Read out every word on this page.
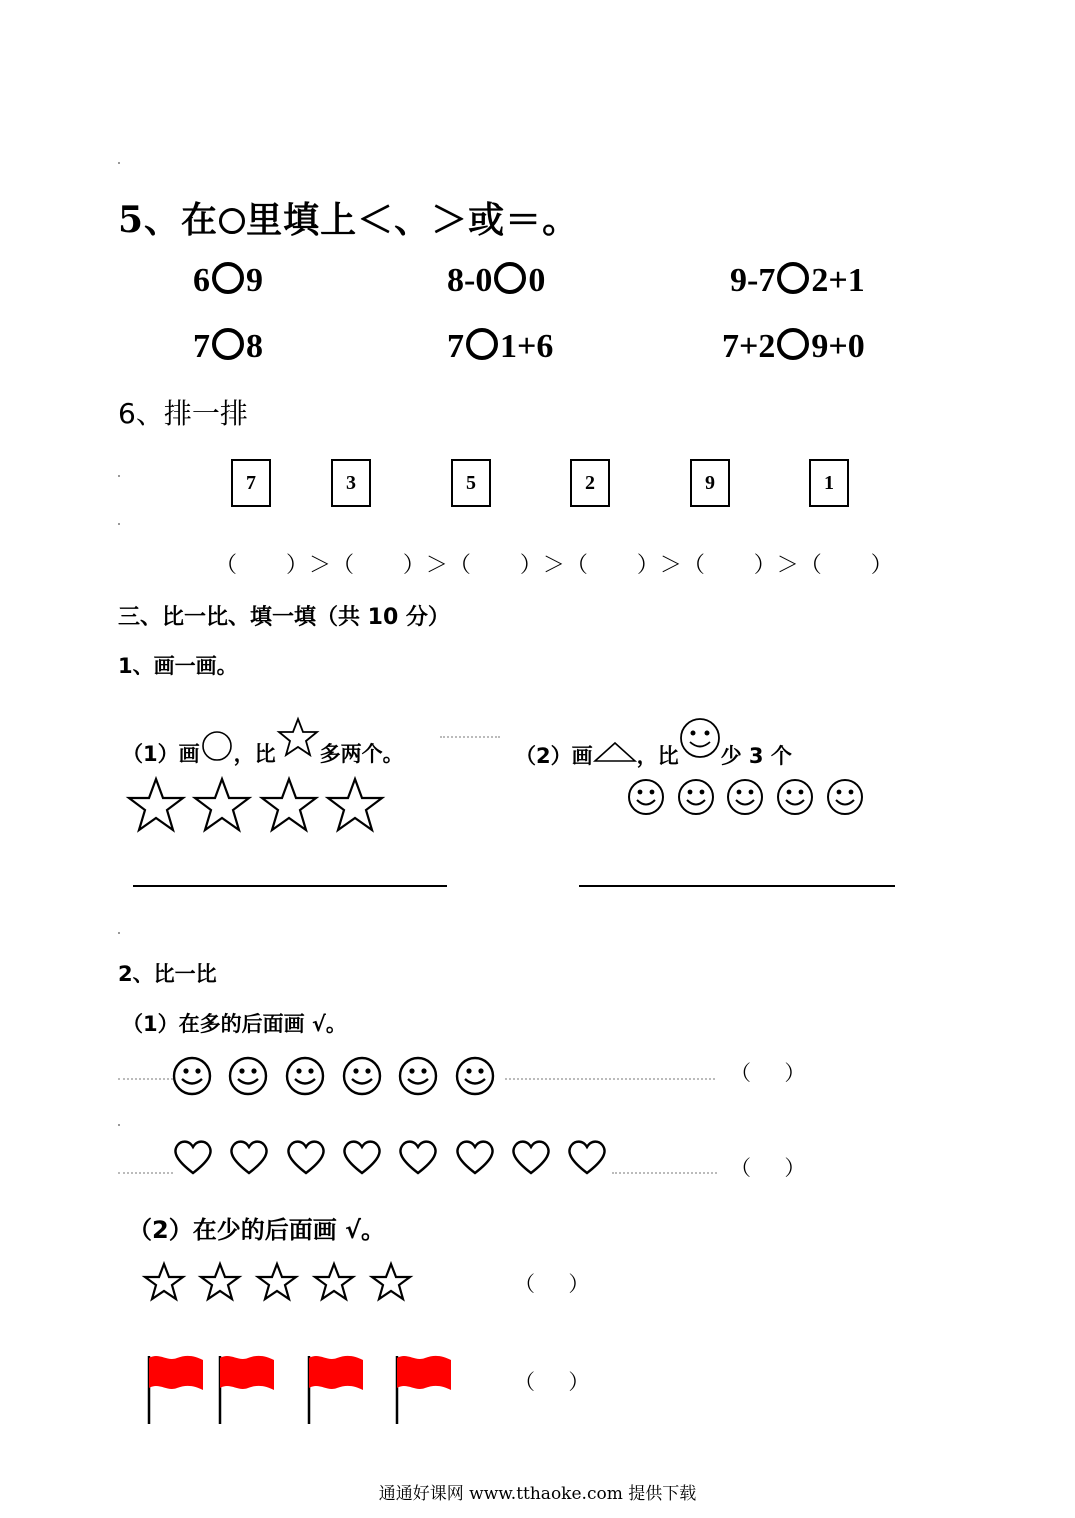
5、在 里填上＜、＞或＝。
6 9	8-0 0	9-7 2+1
7 8	7 1+6	7+2 9+0
6、排一排
7	3	5	2	9	1
（      ）＞（      ）＞（      ）＞（      ）＞（      ）＞（      ）
三、比一比、填一填（共 10 分）
1、画一画。
（1）画 ，比 多两个。	（2）画 ，比 少 3 个
2、比一比
（1）在多的后面画 √。
（     ）
（     ）
（2）在少的后面画 √。
（     ）
（     ）
通通好课网 www.tthaoke.com 提供下载
